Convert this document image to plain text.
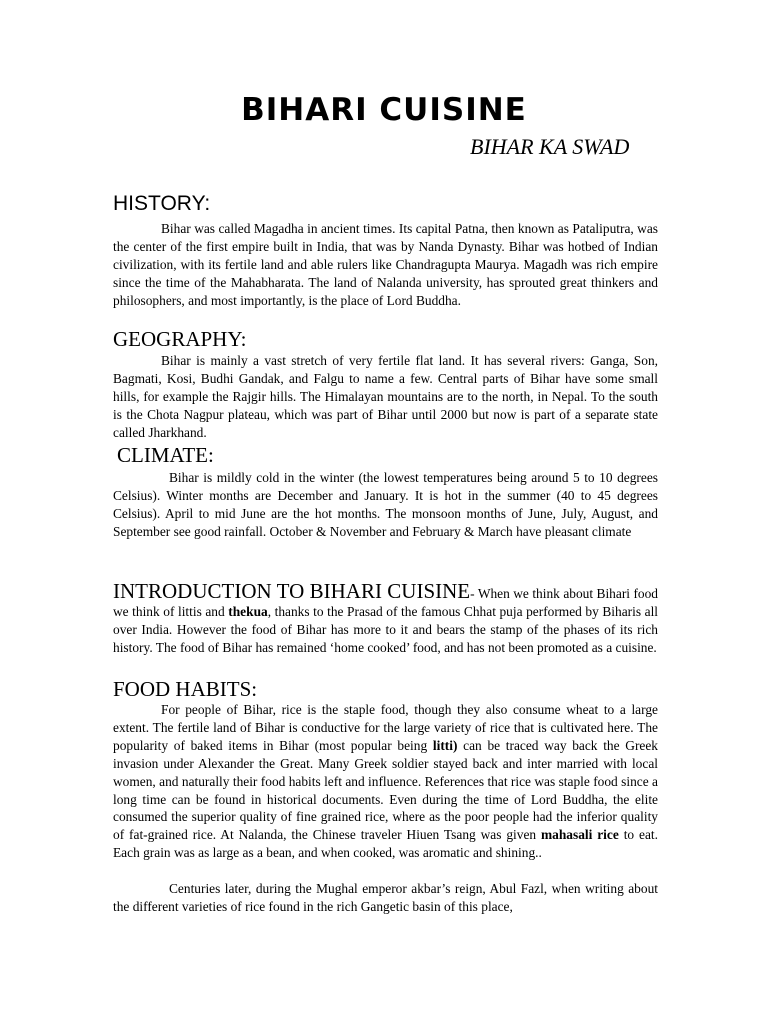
BIHARI CUISINE

BIHAR KA SWAD

HISTORY:

Bihar was called Magadha in ancient times. Its capital Patna, then known as Pataliputra, was the center of the first empire built in India, that was by Nanda Dynasty. Bihar was hotbed of Indian civilization, with its fertile land and able rulers like Chandragupta Maurya. Magadh was rich empire since the time of the Mahabharata. The land of Nalanda university, has sprouted great thinkers and philosophers, and most importantly, is the place of Lord Buddha.

GEOGRAPHY:

Bihar is mainly a vast stretch of very fertile flat land. It has several rivers: Ganga, Son, Bagmati, Kosi, Budhi Gandak, and Falgu to name a few. Central parts of Bihar have some small hills, for example the Rajgir hills. The Himalayan mountains are to the north, in Nepal. To the south is the Chota Nagpur plateau, which was part of Bihar until 2000 but now is part of a separate state called Jharkhand.

CLIMATE:

Bihar is mildly cold in the winter (the lowest temperatures being around 5 to 10 degrees Celsius). Winter months are December and January. It is hot in the summer (40 to 45 degrees Celsius). April to mid June are the hot months. The monsoon months of June, July, August, and September see good rainfall. October & November and February & March have pleasant climate

INTRODUCTION TO BIHARI CUISINE- When we think about Bihari food we think of littis and thekua, thanks to the Prasad of the famous Chhat puja performed by Biharis all over India. However the food of Bihar has more to it and bears the stamp of the phases of its rich history. The food of Bihar has remained ‘home cooked’ food, and has not been promoted as a cuisine.

FOOD HABITS:

For people of Bihar, rice is the staple food, though they also consume wheat to a large extent. The fertile land of Bihar is conductive for the large variety of rice that is cultivated here. The popularity of baked items in Bihar (most popular being litti) can be traced way back the Greek invasion under Alexander the Great. Many Greek soldier stayed back and inter married with local women, and naturally their food habits left and influence. References that rice was staple food since a long time can be found in historical documents. Even during the time of Lord Buddha, the elite consumed the superior quality of fine grained rice, where as the poor people had the inferior quality of fat-grained rice. At Nalanda, the Chinese traveler Hiuen Tsang was given mahasali rice to eat. Each grain was as large as a bean, and when cooked, was aromatic and shining..

Centuries later, during the Mughal emperor akbar’s reign, Abul Fazl, when writing about the different varieties of rice found in the rich Gangetic basin of this place,
